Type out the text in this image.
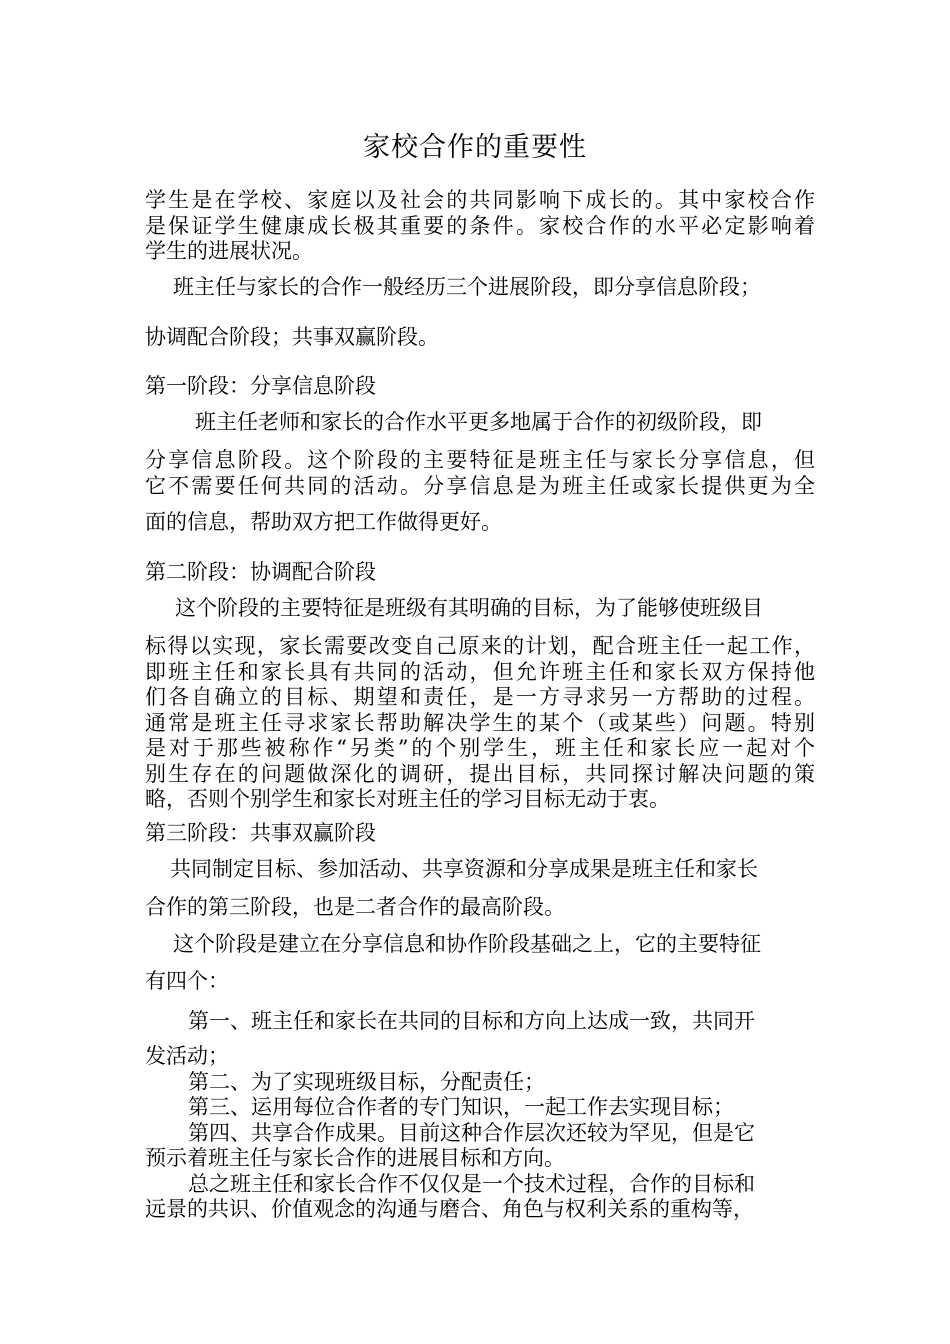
家校合作的重要性
学生是在学校、家庭以及社会的共同影响下成长的。其中家校合作
是保证学生健康成长极其重要的条件。家校合作的水平必定影响着
学生的进展状况。
班主任与家长的合作一般经历三个进展阶段，即分享信息阶段；
协调配合阶段；共事双赢阶段。
第一阶段：分享信息阶段
班主任老师和家长的合作水平更多地属于合作的初级阶段，即
分享信息阶段。这个阶段的主要特征是班主任与家长分享信息，但
它不需要任何共同的活动。分享信息是为班主任或家长提供更为全
面的信息，帮助双方把工作做得更好。
第二阶段：协调配合阶段
这个阶段的主要特征是班级有其明确的目标，为了能够使班级目
标得以实现，家长需要改变自己原来的计划，配合班主任一起工作，
即班主任和家长具有共同的活动，但允许班主任和家长双方保持他
们各自确立的目标、期望和责任，是一方寻求另一方帮助的过程。
通常是班主任寻求家长帮助解决学生的某个（或某些）问题。特别
是对于那些被称作“另类”的个别学生，班主任和家长应一起对个
别生存在的问题做深化的调研，提出目标，共同探讨解决问题的策
略，否则个别学生和家长对班主任的学习目标无动于衷。
第三阶段：共事双赢阶段
共同制定目标、参加活动、共享资源和分享成果是班主任和家长
合作的第三阶段，也是二者合作的最高阶段。
这个阶段是建立在分享信息和协作阶段基础之上，它的主要特征
有四个：
第一、班主任和家长在共同的目标和方向上达成一致，共同开
发活动；
第二、为了实现班级目标，分配责任；
第三、运用每位合作者的专门知识，一起工作去实现目标；
第四、共享合作成果。目前这种合作层次还较为罕见，但是它
预示着班主任与家长合作的进展目标和方向。
总之班主任和家长合作不仅仅是一个技术过程，合作的目标和
远景的共识、价值观念的沟通与磨合、角色与权利关系的重构等，
